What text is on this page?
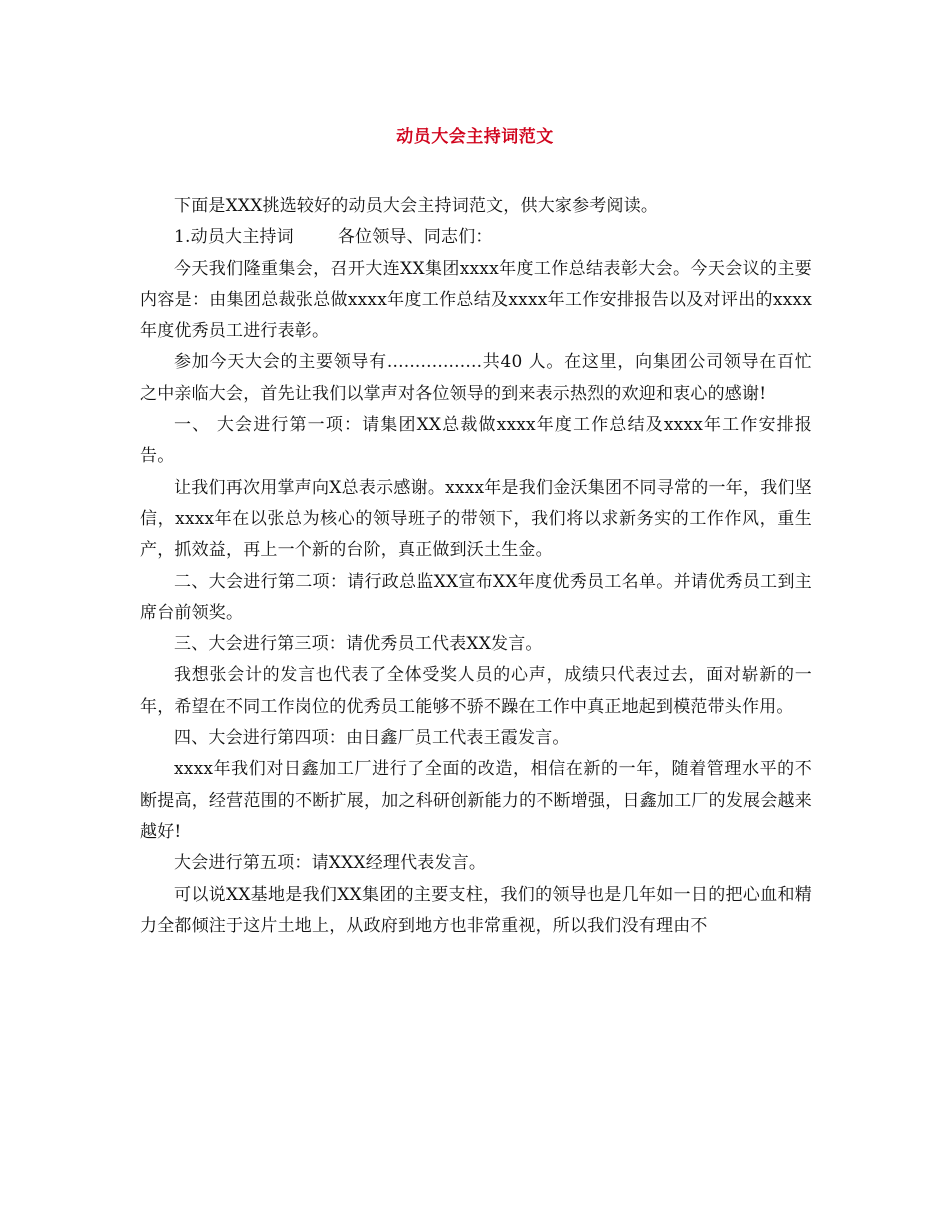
动员大会主持词范文

下面是XXX挑选较好的动员大会主持词范文，供大家参考阅读。

1.动员大主持词	各位领导、同志们：

今天我们隆重集会，召开大连XX集团xxxx年度工作总结表彰大会。今天会议的主要内容是：由集团总裁张总做xxxx年度工作总结及xxxx年工作安排报告以及对评出的xxxx年度优秀员工进行表彰。

参加今天大会的主要领导有.................共40 人。在这里，向集团公司领导在百忙之中亲临大会，首先让我们以掌声对各位领导的到来表示热烈的欢迎和衷心的感谢!

一、 大会进行第一项：请集团XX总裁做xxxx年度工作总结及xxxx年工作安排报告。

让我们再次用掌声向X总表示感谢。xxxx年是我们金沃集团不同寻常的一年，我们坚信，xxxx年在以张总为核心的领导班子的带领下，我们将以求新务实的工作作风，重生产，抓效益，再上一个新的台阶，真正做到沃土生金。

二、大会进行第二项：请行政总监XX宣布XX年度优秀员工名单。并请优秀员工到主席台前领奖。

三、大会进行第三项：请优秀员工代表XX发言。

我想张会计的发言也代表了全体受奖人员的心声，成绩只代表过去，面对崭新的一年，希望在不同工作岗位的优秀员工能够不骄不躁在工作中真正地起到模范带头作用。

四、大会进行第四项：由日鑫厂员工代表王霞发言。

xxxx年我们对日鑫加工厂进行了全面的改造，相信在新的一年，随着管理水平的不断提高，经营范围的不断扩展，加之科研创新能力的不断增强，日鑫加工厂的发展会越来越好!

大会进行第五项：请XXX经理代表发言。

可以说XX基地是我们XX集团的主要支柱，我们的领导也是几年如一日的把心血和精力全都倾注于这片土地上，从政府到地方也非常重视，所以我们没有理由不
